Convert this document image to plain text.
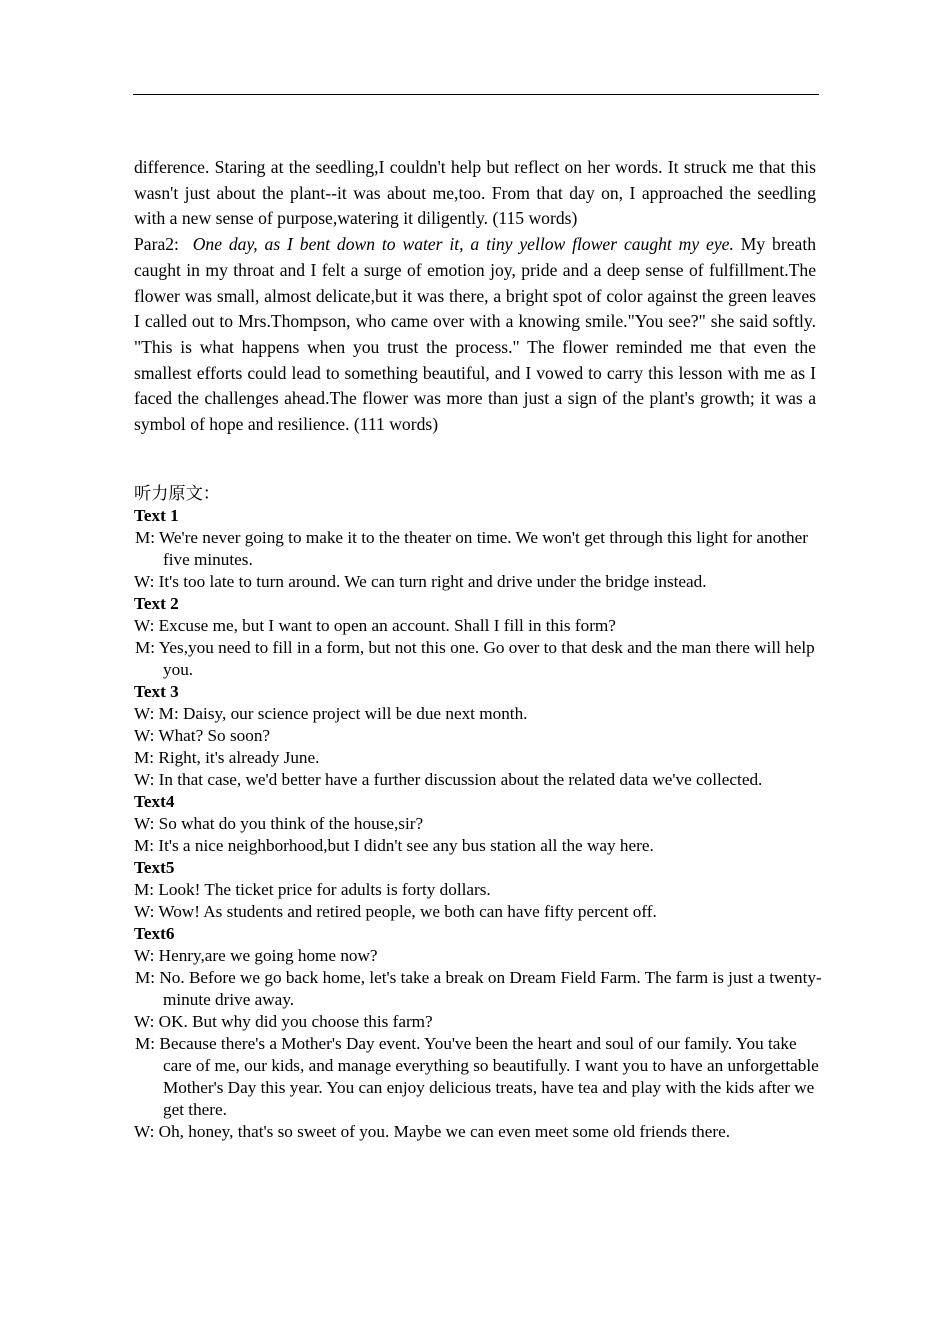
difference. Staring at the seedling,I couldn't help but reflect on her words. It struck me that this wasn't just about the plant--it was about me,too. From that day on, I approached the seedling with a new sense of purpose,watering it diligently. (115 words)

Para2: One day, as I bent down to water it, a tiny yellow flower caught my eye. My breath caught in my throat and I felt a surge of emotion joy, pride and a deep sense of fulfillment.The flower was small, almost delicate,but it was there, a bright spot of color against the green leaves I called out to Mrs.Thompson, who came over with a knowing smile."You see?" she said softly. "This is what happens when you trust the process." The flower reminded me that even the smallest efforts could lead to something beautiful, and I vowed to carry this lesson with me as I faced the challenges ahead.The flower was more than just a sign of the plant's growth; it was a symbol of hope and resilience. (111 words)

听力原文：

Text 1

M: We're never going to make it to the theater on time. We won't get through this light for another five minutes.

W: It's too late to turn around. We can turn right and drive under the bridge instead.

Text 2

W: Excuse me, but I want to open an account. Shall I fill in this form?

M: Yes,you need to fill in a form, but not this one. Go over to that desk and the man there will help you.

Text 3

W: M: Daisy, our science project will be due next month.

W: What? So soon?

M: Right, it's already June.

W: In that case, we'd better have a further discussion about the related data we've collected.

Text4

W: So what do you think of the house,sir?

M: It's a nice neighborhood,but I didn't see any bus station all the way here.

Text5

M: Look! The ticket price for adults is forty dollars.

W: Wow! As students and retired people, we both can have fifty percent off.

Text6

W: Henry,are we going home now?

M: No. Before we go back home, let's take a break on Dream Field Farm. The farm is just a twenty-minute drive away.

W: OK. But why did you choose this farm?

M: Because there's a Mother's Day event. You've been the heart and soul of our family. You take care of me, our kids, and manage everything so beautifully. I want you to have an unforgettable Mother's Day this year. You can enjoy delicious treats, have tea and play with the kids after we get there.

W: Oh, honey, that's so sweet of you. Maybe we can even meet some old friends there.
